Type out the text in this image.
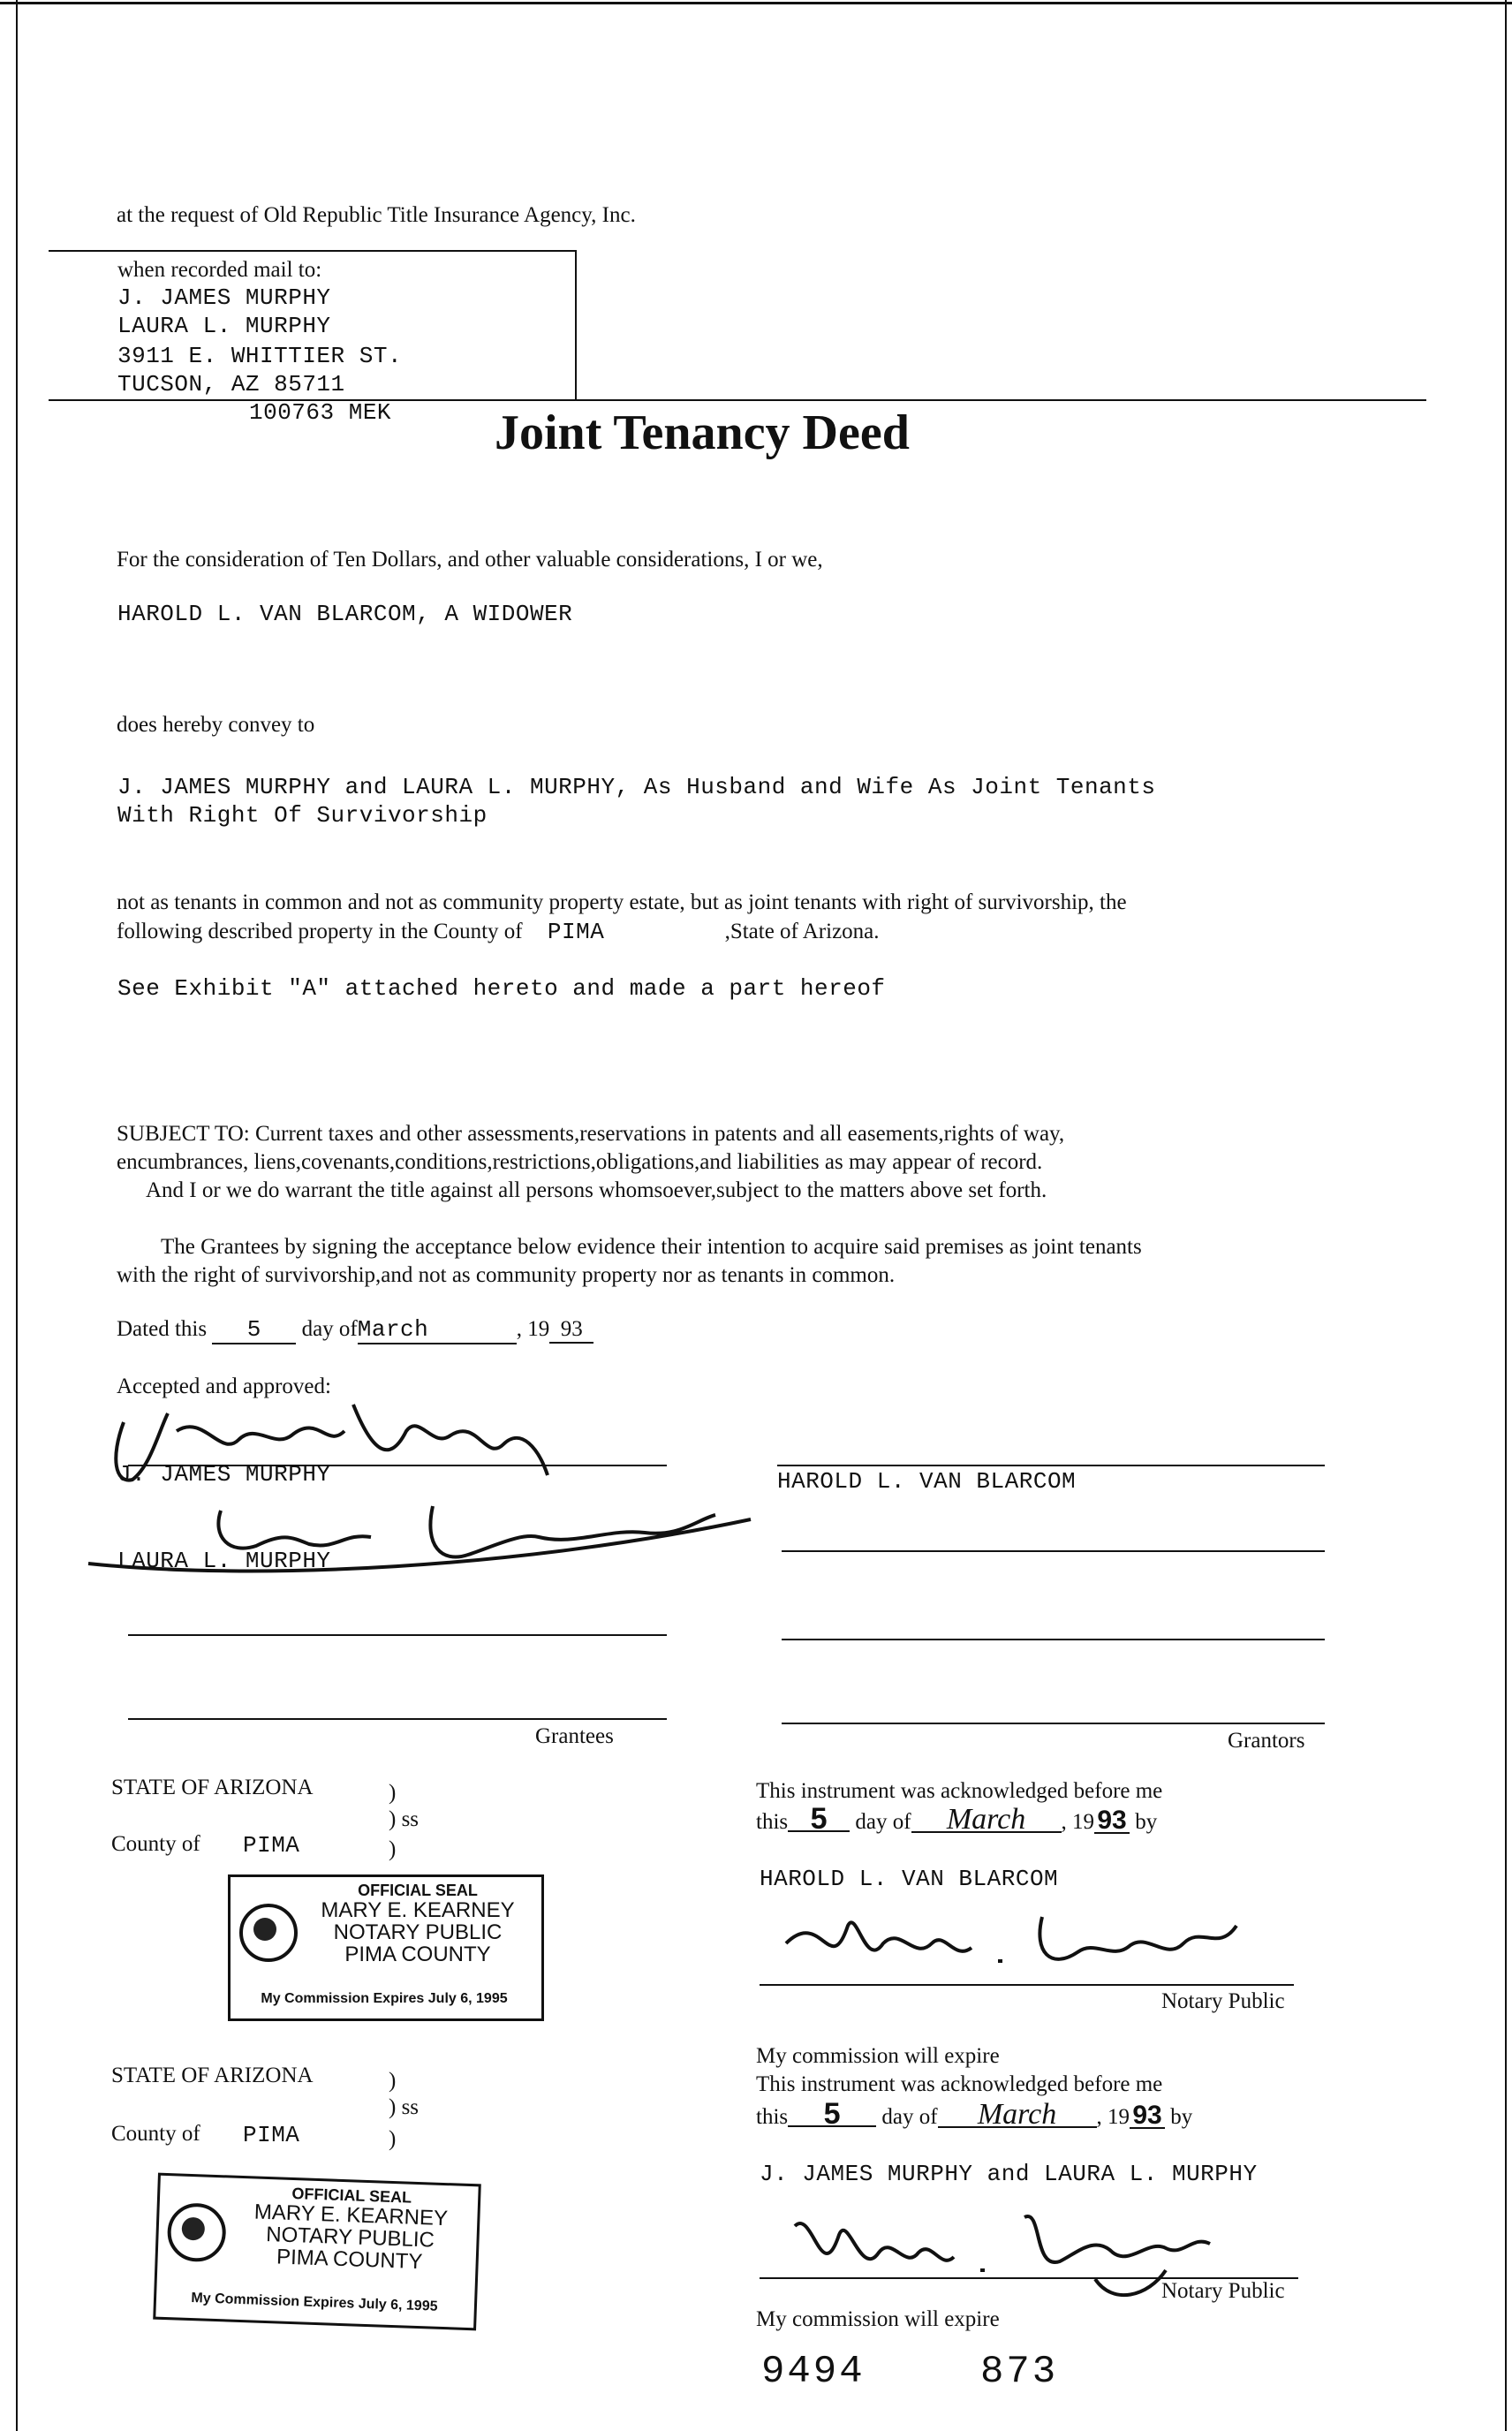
at the request of Old Republic Title Insurance Agency, Inc.
when recorded mail to:
J. JAMES MURPHY
LAURA L. MURPHY
3911 E. WHITTIER ST.
TUCSON, AZ 85711
100763 MEK Joint Tenancy Deed
For the consideration of Ten Dollars, and other valuable considerations, I or we,
HAROLD L. VAN BLARCOM, A WIDOWER
does hereby convey to
J. JAMES MURPHY and LAURA L. MURPHY, As Husband and Wife As Joint Tenants
With Right Of Survivorship
not as tenants in common and not as community property estate, but as joint tenants with right of survivorship, the
following described property in the County of PIMA	,State of Arizona.
See Exhibit "A" attached hereto and made a part hereof
SUBJECT TO: Current taxes and other assessments,reservations in patents and all easements,rights of way,
encumbrances, liens,covenants,conditions,restrictions,obligations,and liabilities as may appear of record.
And I or we do warrant the title against all persons whomsoever,subject to the matters above set forth.
The Grantees by signing the acceptance below evidence their intention to acquire said premises as joint tenants
with the right of survivorship,and not as community property nor as tenants in common.
Dated this 5 day ofMarch	, 19 93
Accepted and approved:
J. JAMES MURPHY
LAURA L. MURPHY
HAROLD L. VAN BLARCOM
Grantees	Grantors
STATE OF ARIZONA	)
) ss
County of PIMA	)
OFFICIAL SEAL
MARY E. KEARNEY
NOTARY PUBLIC
PIMA COUNTY
My Commission Expires July 6, 1995
This instrument was acknowledged before me
this 5 day of March , 19 93 by
HAROLD L. VAN BLARCOM
Notary Public
My commission will expire
STATE OF ARIZONA	)
) ss
County of PIMA	)
OFFICIAL SEAL
MARY E. KEARNEY
NOTARY PUBLIC
PIMA COUNTY
My Commission Expires July 6, 1995
This instrument was acknowledged before me
this 5 day of March , 19 93 by
J. JAMES MURPHY and LAURA L. MURPHY
Notary Public
My commission will expire
9494	873
